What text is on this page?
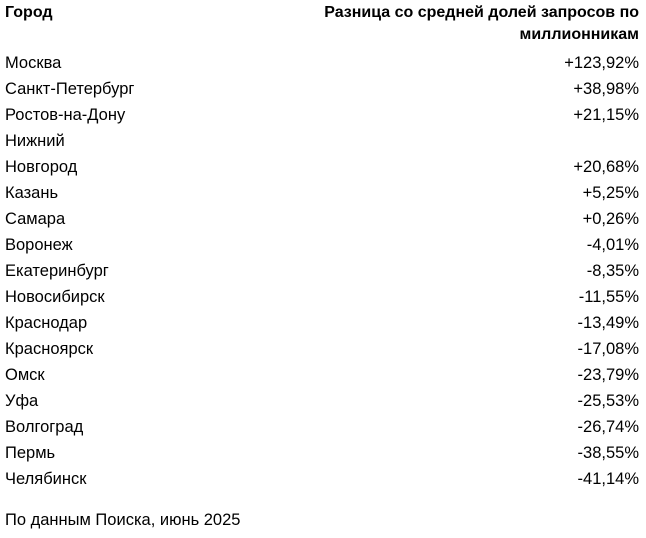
Город	Разница со средней долей запросов по миллионникам
Москва	+123,92%
Санкт-Петербург	+38,98%
Ростов-на-Дону	+21,15%
Нижний Новгород	+20,68%
Казань	+5,25%
Самара	+0,26%
Воронеж	-4,01%
Екатеринбург	-8,35%
Новосибирск	-11,55%
Краснодар	-13,49%
Красноярск	-17,08%
Омск	-23,79%
Уфа	-25,53%
Волгоград	-26,74%
Пермь	-38,55%
Челябинск	-41,14%
По данным Поиска, июнь 2025
